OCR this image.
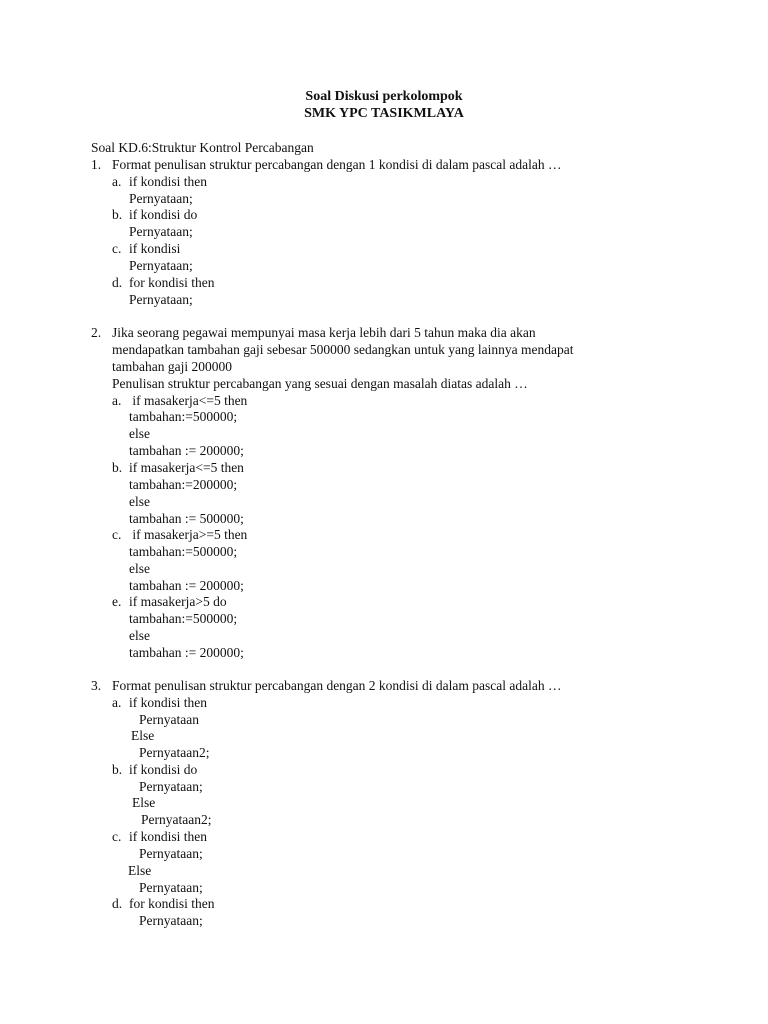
Soal Diskusi perkolompok
SMK YPC TASIKMLAYA
Soal KD.6:Struktur Kontrol Percabangan
1. Format penulisan struktur percabangan dengan 1 kondisi di dalam pascal adalah …
a. if kondisi then
Pernyataan;
b. if kondisi do
Pernyataan;
c. if kondisi
Pernyataan;
d. for kondisi then
Pernyataan;
2. Jika seorang pegawai mempunyai masa kerja lebih dari 5 tahun maka dia akan
mendapatkan tambahan gaji sebesar 500000 sedangkan untuk yang lainnya mendapat
tambahan gaji 200000
Penulisan struktur percabangan yang sesuai dengan masalah diatas adalah …
a. if masakerja<=5 then
tambahan:=500000;
else
tambahan := 200000;
b. if masakerja<=5 then
tambahan:=200000;
else
tambahan := 500000;
c. if masakerja>=5 then
tambahan:=500000;
else
tambahan := 200000;
e. if masakerja>5 do
tambahan:=500000;
else
tambahan := 200000;
3. Format penulisan struktur percabangan dengan 2 kondisi di dalam pascal adalah …
a. if kondisi then
Pernyataan
Else
Pernyataan2;
b. if kondisi do
Pernyataan;
Else
Pernyataan2;
c. if kondisi then
Pernyataan;
Else
Pernyataan;
d. for kondisi then
Pernyataan;
